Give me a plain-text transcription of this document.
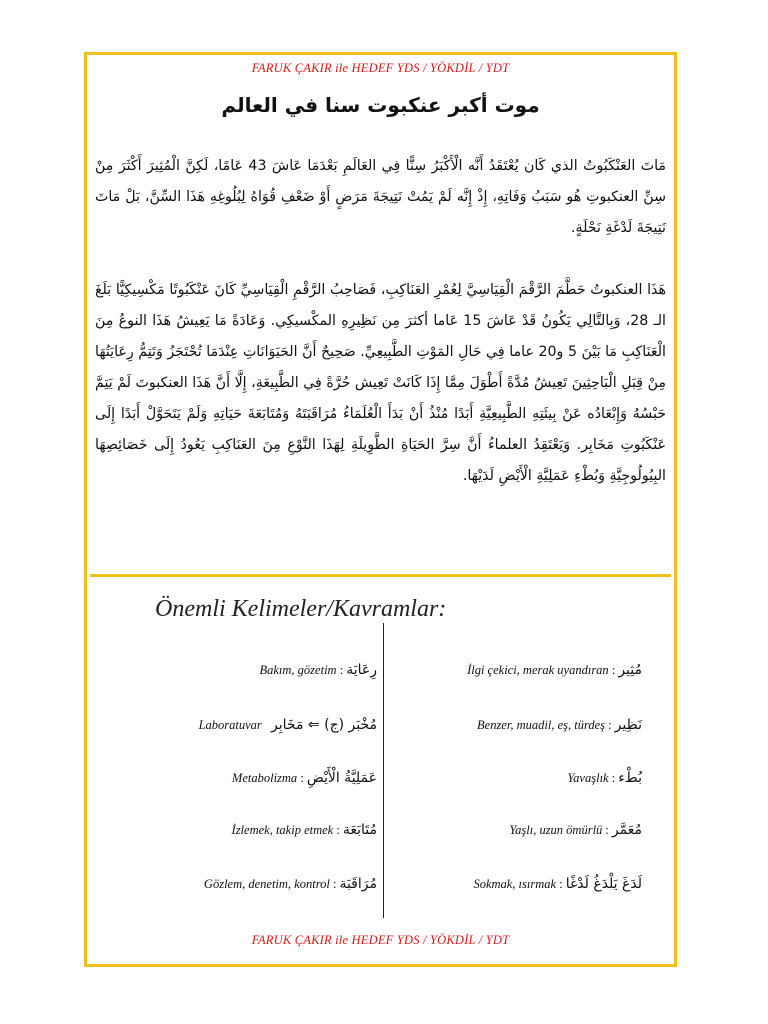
FARUK ÇAKIR ile HEDEF YDS / YÖKDİL / YDT
موت أكبر عنكبوت سنا في العالم
مَاتَ العَنْكَبُوتُ الذي كَان يُعْتَقَدُ أَنَّه الْأَكْبَرُ سِنًّا فِي العَالَمِ بَعْدَمَا عَاشَ 43 عَامًا، لَكِنَّ الْمُثِيرَ أَكْثَرَ مِنْ سِنِّ العنكبوتِ هُو سَبَبُ وَفَاتِهِ، إِذْ إِنَّه لَمْ يَمُتْ نَتِيجَةَ مَرَضٍ أَوْ ضَعْفِ قُوَاهُ لِبُلُوغِهِ هَذَا السِّنَّ، بَلْ مَاتَ نَتِيجَةَ لَدْغَةِ نَحْلَةٍ.
هَذَا العنكبوتُ حَطَّمَ الرَّقْمَ الْقِيَاسِيَّ لِعُمْرِ العَنَاكِبِ، فَصَاحِبُ الرَّقْمِ الْقِيَاسِيِّ كَانَ عَنْكَبُوتًا مَكْسِيكِيًّا بَلَغَ الـ 28، وَبِالتَّالِي يَكُونُ قَدْ عَاشَ 15 عَاما أكثرَ مِن نَظِيرِهِ المكْسيكِي. وَعَادَةً مَا يَعِيشُ هَذَا النوعُ مِنَ الْعَنَاكِبِ مَا بَيْنَ 5 و20 عاما فِي حَالِ المَوْتِ الطَّبِيعِيِّ. صَحِيحٌ أَنَّ الحَيَوَانَاتِ عِنْدَمَا تُحْتَجَزُ وَتَتِمُّ رِعَايَتُهَا مِنْ قِبَلِ الْبَاحِثِينَ تَعِيشُ مُدَّةً أَطْوَلَ مِمَّا إِذَا كَانَتْ تَعِيش حُرَّةً فِي الطَّبِيعَةِ، إِلَّا أَنَّ هَذَا العنكبوتَ لَمْ يَتِمَّ حَبْسُهُ وَإِبْعَادُه عَنْ بِيئَتِهِ الطَّبِيعِيَّةِ أَبَدًا مُنْذُ أَنْ بَدَأَ الْعُلَمَاءُ مُرَاقَبَتَهُ وَمُتَابَعَةَ حَيَاتِهِ وَلَمْ يَتَحَوَّلْ أَبَدًا إِلَى عَنْكَبُوتِ مَخَابِر. وَيَعْتَقِدُ العلماءُ أَنَّ سِرَّ الحَيَاةِ الطَّوِيلَةِ لِهَذَا النَّوْعِ مِنَ العَنَاكِبِ يَعُودُ إِلَى خَصَائِصِهَا البِيُولُوجِيَّةِ وَبُطْءِ عَمَلِيَّةِ الْأَيْضِ لَدَيْهَا.
Önemli Kelimeler/Kavramlar:
Bakım, gözetim : رِعَايَة
Laboratuvar
مُخْبَر (ج) ⇐ مَخَابِر
Metabolizma : عَمَلِيَّةُ الْأَيْضِ
İzlemek, takip etmek : مُتَابَعَة
Gözlem, denetim, kontrol : مُرَاقَبَة
İlgi çekici, merak uyandıran : مُثِير
Benzer, muadil, eş, türdeş : نَظِير
Yavaşlık : بُطْء
Yaşlı, uzun ömürlü : مُعَمَّر
Sokmak, ısırmak : لَدَغَ يَلْدَغُ لَدْغًا
FARUK ÇAKIR ile HEDEF YDS / YÖKDİL / YDT
